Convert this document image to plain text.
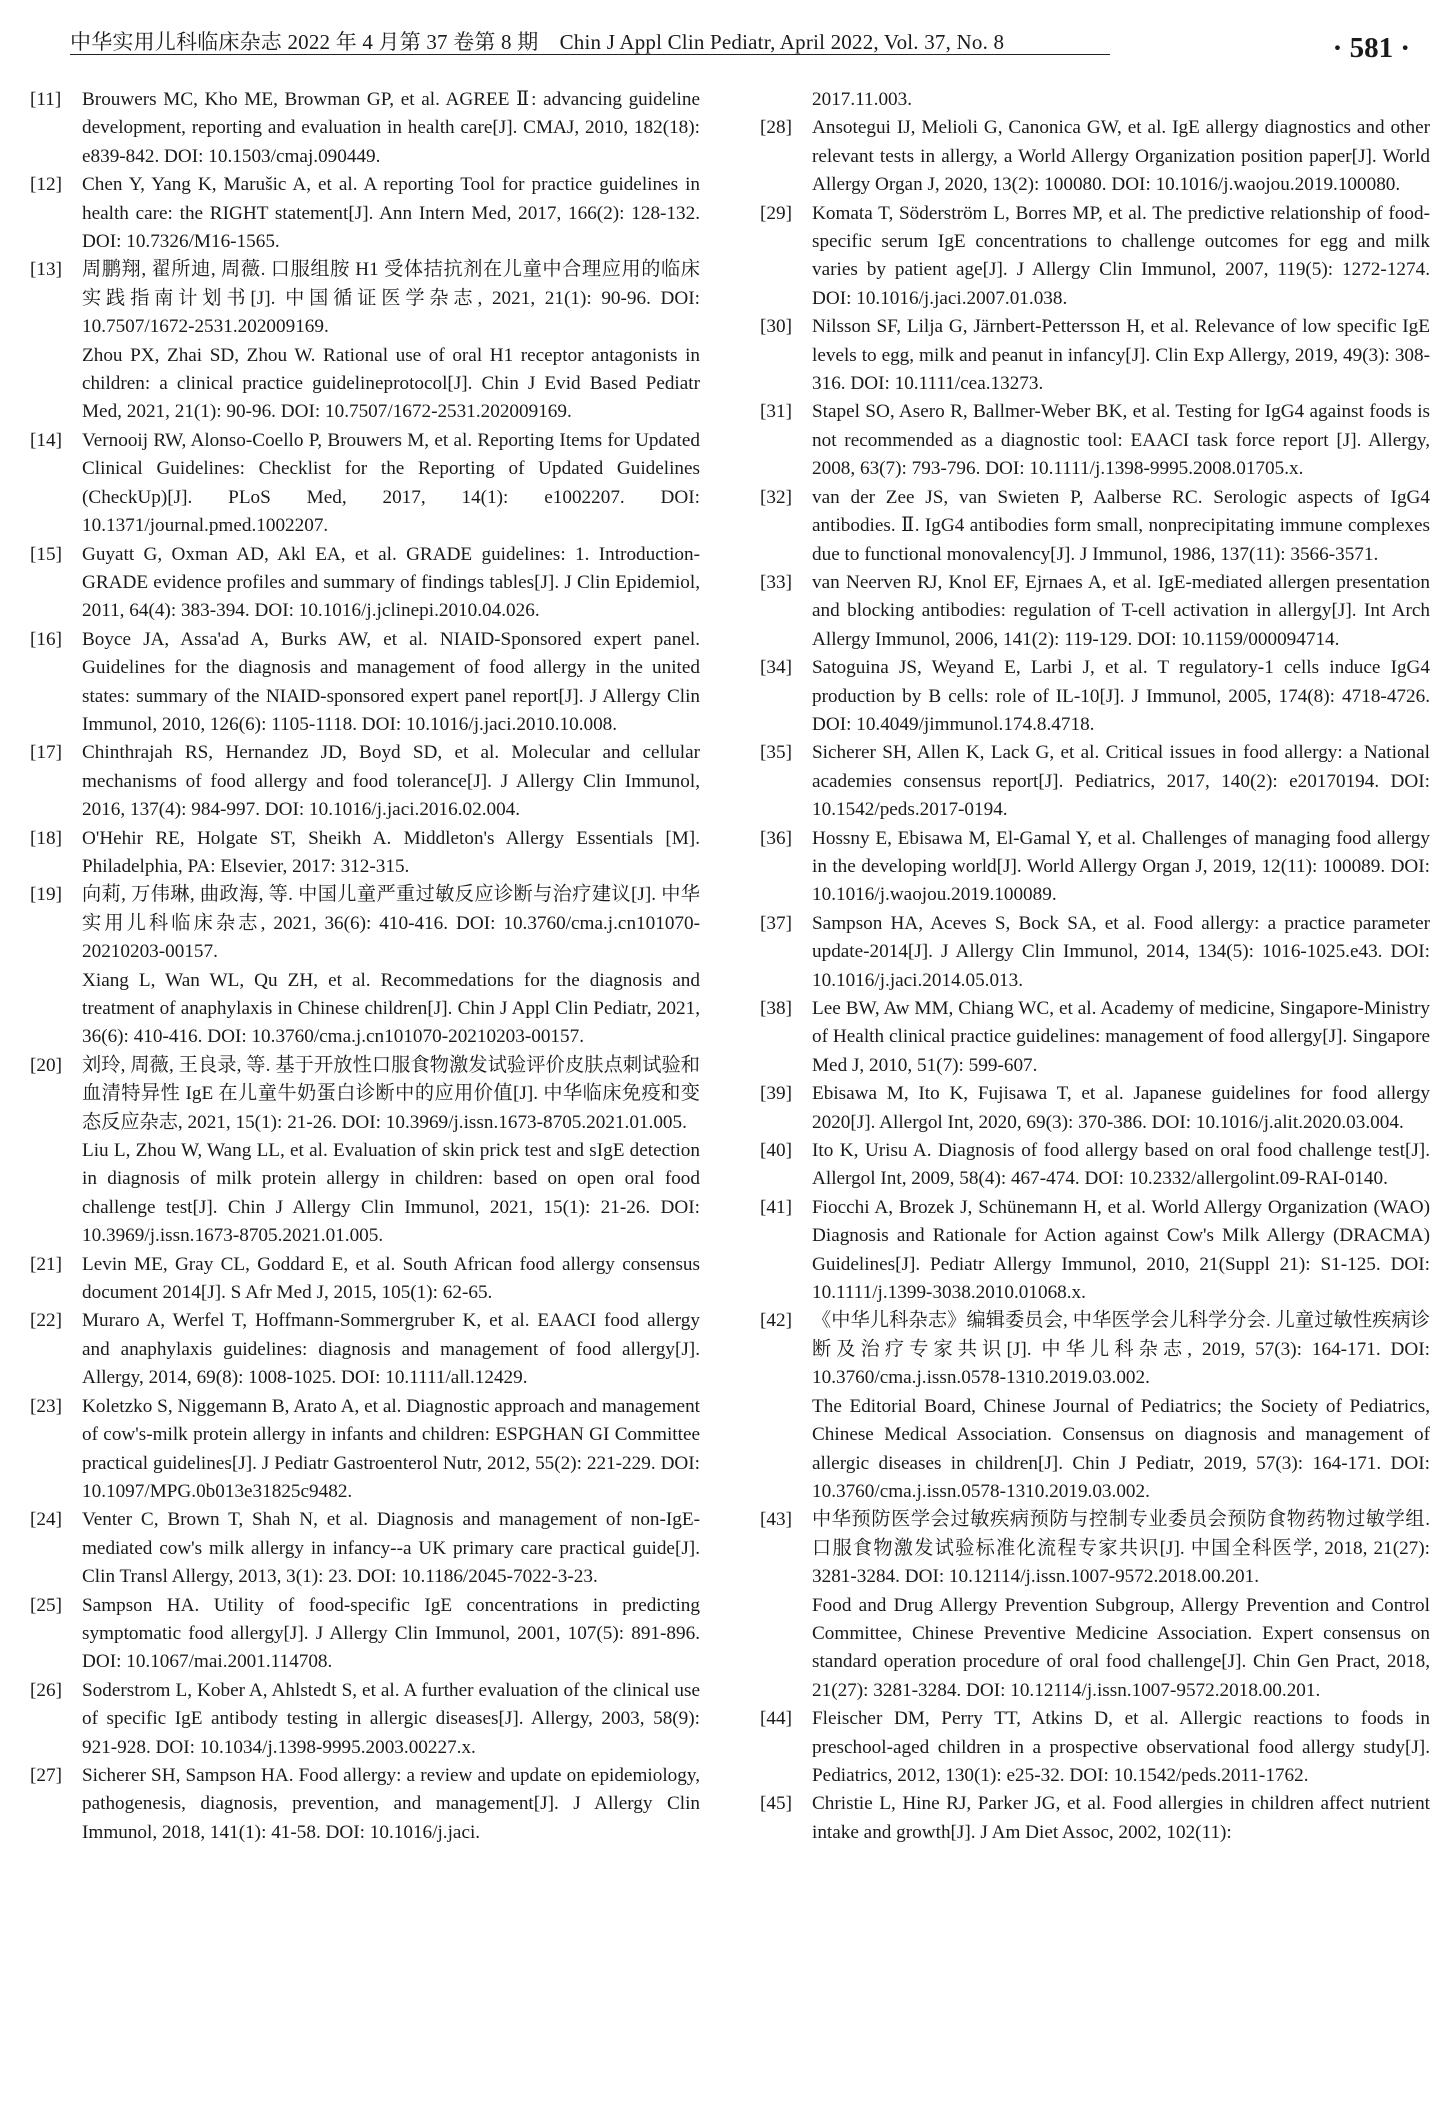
中华实用儿科临床杂志 2022 年 4 月第 37 卷第 8 期　Chin J Appl Clin Pediatr, April 2022, Vol. 37, No. 8	· 581 ·
[11]	Brouwers MC, Kho ME, Browman GP, et al. AGREE Ⅱ: advancing guideline development, reporting and evaluation in health care[J]. CMAJ, 2010, 182(18): e839-842. DOI: 10.1503/cmaj.090449.

[12]	Chen Y, Yang K, Marušic A, et al. A reporting Tool for practice guidelines in health care: the RIGHT statement[J]. Ann Intern Med, 2017, 166(2): 128-132. DOI: 10.7326/M16-1565.

[13]	周鹏翔, 翟所迪, 周薇. 口服组胺 H1 受体拮抗剂在儿童中合理应用的临床实践指南计划书[J]. 中国循证医学杂志, 2021, 21(1): 90-96. DOI: 10.7507/1672-2531.202009169.

Zhou PX, Zhai SD, Zhou W. Rational use of oral H1 receptor antagonists in children: a clinical practice guidelineprotocol[J]. Chin J Evid Based Pediatr Med, 2021, 21(1): 90-96. DOI: 10.7507/1672-2531.202009169.

[14]	Vernooij RW, Alonso-Coello P, Brouwers M, et al. Reporting Items for Updated Clinical Guidelines: Checklist for the Reporting of Updated Guidelines (CheckUp)[J]. PLoS Med, 2017, 14(1): e1002207. DOI: 10.1371/journal.pmed.1002207.

[15]	Guyatt G, Oxman AD, Akl EA, et al. GRADE guidelines: 1. Introduction-GRADE evidence profiles and summary of findings tables[J]. J Clin Epidemiol, 2011, 64(4): 383-394. DOI: 10.1016/j.jclinepi.2010.04.026.

[16]	Boyce JA, Assa'ad A, Burks AW, et al. NIAID-Sponsored expert panel. Guidelines for the diagnosis and management of food allergy in the united states: summary of the NIAID-sponsored expert panel report[J]. J Allergy Clin Immunol, 2010, 126(6): 1105-1118. DOI: 10.1016/j.jaci.2010.10.008.

[17]	Chinthrajah RS, Hernandez JD, Boyd SD, et al. Molecular and cellular mechanisms of food allergy and food tolerance[J]. J Allergy Clin Immunol, 2016, 137(4): 984-997. DOI: 10.1016/j.jaci.2016.02.004.

[18]	O'Hehir RE, Holgate ST, Sheikh A. Middleton's Allergy Essentials [M]. Philadelphia, PA: Elsevier, 2017: 312-315.

[19]	向莉, 万伟琳, 曲政海, 等. 中国儿童严重过敏反应诊断与治疗建议[J]. 中华实用儿科临床杂志, 2021, 36(6): 410-416. DOI: 10.3760/cma.j.cn101070-20210203-00157.

Xiang L, Wan WL, Qu ZH, et al. Recommedations for the diagnosis and treatment of anaphylaxis in Chinese children[J]. Chin J Appl Clin Pediatr, 2021, 36(6): 410-416. DOI: 10.3760/cma.j.cn101070-20210203-00157.

[20]	刘玲, 周薇, 王良录, 等. 基于开放性口服食物激发试验评价皮肤点刺试验和血清特异性 IgE 在儿童牛奶蛋白诊断中的应用价值[J]. 中华临床免疫和变态反应杂志, 2021, 15(1): 21-26. DOI: 10.3969/j.issn.1673-8705.2021.01.005.

Liu L, Zhou W, Wang LL, et al. Evaluation of skin prick test and sIgE detection in diagnosis of milk protein allergy in children: based on open oral food challenge test[J]. Chin J Allergy Clin Immunol, 2021, 15(1): 21-26. DOI: 10.3969/j.issn.1673-8705.2021.01.005.

[21]	Levin ME, Gray CL, Goddard E, et al. South African food allergy consensus document 2014[J]. S Afr Med J, 2015, 105(1): 62-65.

[22]	Muraro A, Werfel T, Hoffmann-Sommergruber K, et al. EAACI food allergy and anaphylaxis guidelines: diagnosis and management of food allergy[J]. Allergy, 2014, 69(8): 1008-1025. DOI: 10.1111/all.12429.

[23]	Koletzko S, Niggemann B, Arato A, et al. Diagnostic approach and management of cow's-milk protein allergy in infants and children: ESPGHAN GI Committee practical guidelines[J]. J Pediatr Gastroenterol Nutr, 2012, 55(2): 221-229. DOI: 10.1097/MPG.0b013e31825c9482.

[24]	Venter C, Brown T, Shah N, et al. Diagnosis and management of non-IgE-mediated cow's milk allergy in infancy--a UK primary care practical guide[J]. Clin Transl Allergy, 2013, 3(1): 23. DOI: 10.1186/2045-7022-3-23.

[25]	Sampson HA. Utility of food-specific IgE concentrations in predicting symptomatic food allergy[J]. J Allergy Clin Immunol, 2001, 107(5): 891-896. DOI: 10.1067/mai.2001.114708.

[26]	Soderstrom L, Kober A, Ahlstedt S, et al. A further evaluation of the clinical use of specific IgE antibody testing in allergic diseases[J]. Allergy, 2003, 58(9): 921-928. DOI: 10.1034/j.1398-9995.2003.00227.x.

[27]	Sicherer SH, Sampson HA. Food allergy: a review and update on epidemiology, pathogenesis, diagnosis, prevention, and management[J]. J Allergy Clin Immunol, 2018, 141(1): 41-58. DOI: 10.1016/j.jaci.

2017.11.003.
[28]	Ansotegui IJ, Melioli G, Canonica GW, et al. IgE allergy diagnostics and other relevant tests in allergy, a World Allergy Organization position paper[J]. World Allergy Organ J, 2020, 13(2): 100080. DOI: 10.1016/j.waojou.2019.100080.

[29]	Komata T, Söderström L, Borres MP, et al. The predictive relationship of food-specific serum IgE concentrations to challenge outcomes for egg and milk varies by patient age[J]. J Allergy Clin Immunol, 2007, 119(5): 1272-1274. DOI: 10.1016/j.jaci.2007.01.038.

[30]	Nilsson SF, Lilja G, Järnbert-Pettersson H, et al. Relevance of low specific IgE levels to egg, milk and peanut in infancy[J]. Clin Exp Allergy, 2019, 49(3): 308-316. DOI: 10.1111/cea.13273.

[31]	Stapel SO, Asero R, Ballmer-Weber BK, et al. Testing for IgG4 against foods is not recommended as a diagnostic tool: EAACI task force report [J]. Allergy, 2008, 63(7): 793-796. DOI: 10.1111/j.1398-9995.2008.01705.x.

[32]	van der Zee JS, van Swieten P, Aalberse RC. Serologic aspects of IgG4 antibodies. Ⅱ. IgG4 antibodies form small, nonprecipitating immune complexes due to functional monovalency[J]. J Immunol, 1986, 137(11): 3566-3571.

[33]	van Neerven RJ, Knol EF, Ejrnaes A, et al. IgE-mediated allergen presentation and blocking antibodies: regulation of T-cell activation in allergy[J]. Int Arch Allergy Immunol, 2006, 141(2): 119-129. DOI: 10.1159/000094714.

[34]	Satoguina JS, Weyand E, Larbi J, et al. T regulatory-1 cells induce IgG4 production by B cells: role of IL-10[J]. J Immunol, 2005, 174(8): 4718-4726. DOI: 10.4049/jimmunol.174.8.4718.

[35]	Sicherer SH, Allen K, Lack G, et al. Critical issues in food allergy: a National academies consensus report[J]. Pediatrics, 2017, 140(2): e20170194. DOI: 10.1542/peds.2017-0194.

[36]	Hossny E, Ebisawa M, El-Gamal Y, et al. Challenges of managing food allergy in the developing world[J]. World Allergy Organ J, 2019, 12(11): 100089. DOI: 10.1016/j.waojou.2019.100089.

[37]	Sampson HA, Aceves S, Bock SA, et al. Food allergy: a practice parameter update-2014[J]. J Allergy Clin Immunol, 2014, 134(5): 1016-1025.e43. DOI: 10.1016/j.jaci.2014.05.013.

[38]	Lee BW, Aw MM, Chiang WC, et al. Academy of medicine, Singapore-Ministry of Health clinical practice guidelines: management of food allergy[J]. Singapore Med J, 2010, 51(7): 599-607.

[39]	Ebisawa M, Ito K, Fujisawa T, et al. Japanese guidelines for food allergy 2020[J]. Allergol Int, 2020, 69(3): 370-386. DOI: 10.1016/j.alit.2020.03.004.

[40]	Ito K, Urisu A. Diagnosis of food allergy based on oral food challenge test[J]. Allergol Int, 2009, 58(4): 467-474. DOI: 10.2332/allergolint.09-RAI-0140.

[41]	Fiocchi A, Brozek J, Schünemann H, et al. World Allergy Organization (WAO) Diagnosis and Rationale for Action against Cow's Milk Allergy (DRACMA) Guidelines[J]. Pediatr Allergy Immunol, 2010, 21(Suppl 21): S1-125. DOI: 10.1111/j.1399-3038.2010.01068.x.

[42]	《中华儿科杂志》编辑委员会, 中华医学会儿科学分会. 儿童过敏性疾病诊断及治疗专家共识[J]. 中华儿科杂志, 2019, 57(3): 164-171. DOI: 10.3760/cma.j.issn.0578-1310.2019.03.002.

The Editorial Board, Chinese Journal of Pediatrics; the Society of Pediatrics, Chinese Medical Association. Consensus on diagnosis and management of allergic diseases in children[J]. Chin J Pediatr, 2019, 57(3): 164-171. DOI: 10.3760/cma.j.issn.0578-1310.2019.03.002.

[43]	中华预防医学会过敏疾病预防与控制专业委员会预防食物药物过敏学组. 口服食物激发试验标准化流程专家共识[J]. 中国全科医学, 2018, 21(27): 3281-3284. DOI: 10.12114/j.issn.1007-9572.2018.00.201.

Food and Drug Allergy Prevention Subgroup, Allergy Prevention and Control Committee, Chinese Preventive Medicine Association. Expert consensus on standard operation procedure of oral food challenge[J]. Chin Gen Pract, 2018, 21(27): 3281-3284. DOI: 10.12114/j.issn.1007-9572.2018.00.201.

[44]	Fleischer DM, Perry TT, Atkins D, et al. Allergic reactions to foods in preschool-aged children in a prospective observational food allergy study[J]. Pediatrics, 2012, 130(1): e25-32. DOI: 10.1542/peds.2011-1762.

[45]	Christie L, Hine RJ, Parker JG, et al. Food allergies in children affect nutrient intake and growth[J]. J Am Diet Assoc, 2002, 102(11):
